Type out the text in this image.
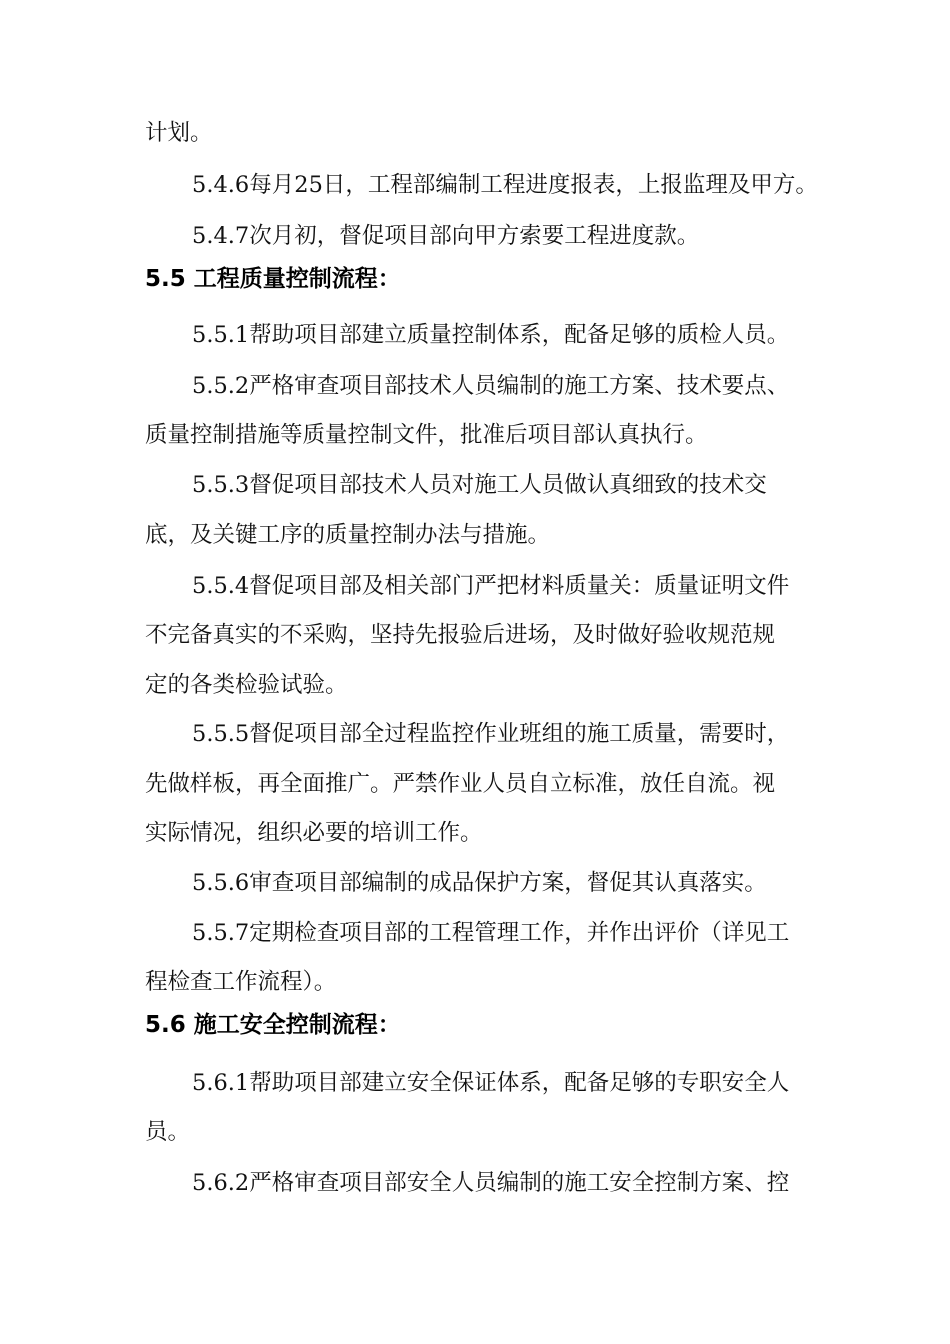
计划。
5.4.6每月25日，工程部编制工程进度报表，上报监理及甲方。
5.4.7次月初，督促项目部向甲方索要工程进度款。
5.5 工程质量控制流程：
5.5.1帮助项目部建立质量控制体系，配备足够的质检人员。
5.5.2严格审查项目部技术人员编制的施工方案、技术要点、
质量控制措施等质量控制文件，批准后项目部认真执行。
5.5.3督促项目部技术人员对施工人员做认真细致的技术交
底，及关键工序的质量控制办法与措施。
5.5.4督促项目部及相关部门严把材料质量关：质量证明文件
不完备真实的不采购，坚持先报验后进场，及时做好验收规范规
定的各类检验试验。
5.5.5督促项目部全过程监控作业班组的施工质量，需要时，
先做样板，再全面推广。严禁作业人员自立标准，放任自流。视
实际情况，组织必要的培训工作。
5.5.6审查项目部编制的成品保护方案，督促其认真落实。
5.5.7定期检查项目部的工程管理工作，并作出评价（详见工
程检查工作流程）。
5.6 施工安全控制流程：
5.6.1帮助项目部建立安全保证体系，配备足够的专职安全人
员。
5.6.2严格审查项目部安全人员编制的施工安全控制方案、控
